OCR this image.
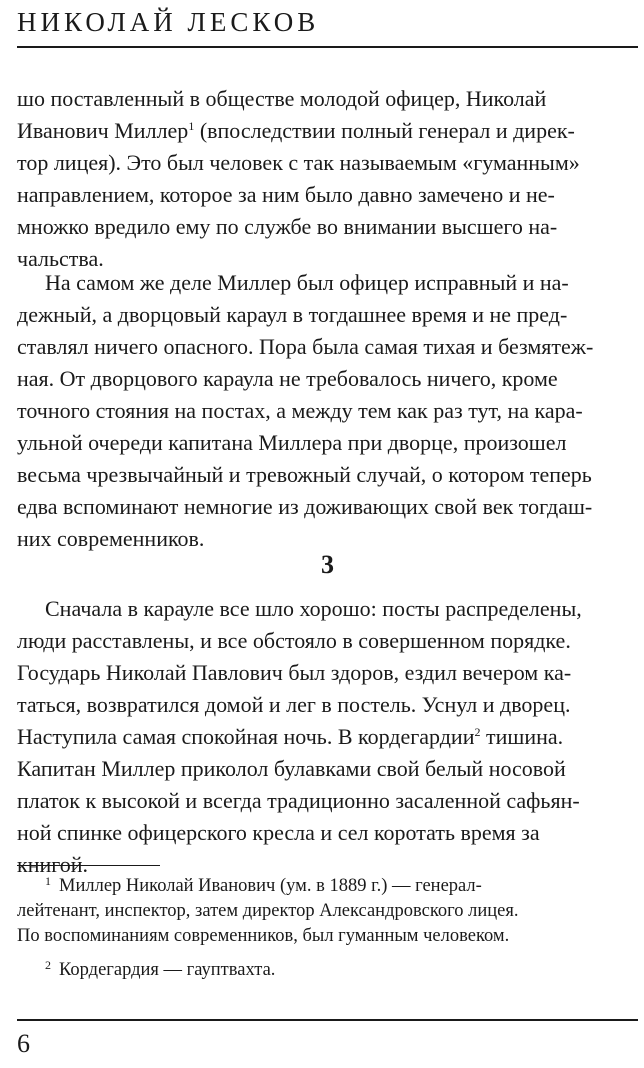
НИКОЛАЙ ЛЕСКОВ

шо поставленный в обществе молодой офицер, Николай
Иванович Миллер$^1$ (впоследствии полный генерал и дирек-
тор лицея). Это был человек с так называемым «гуманным»
направлением, которое за ним было давно замечено и не-
множко вредило ему по службе во внимании высшего на-
чальства.

На самом же деле Миллер был офицер исправный и на-
дежный, а дворцовый караул в тогдашнее время и не пред-
ставлял ничего опасного. Пора была самая тихая и безмятеж-
ная. От дворцового караула не требовалось ничего, кроме
точного стояния на постах, а между тем как раз тут, на кара-
ульной очереди капитана Миллера при дворце, произошел
весьма чрезвычайный и тревожный случай, о котором теперь
едва вспоминают немногие из доживающих свой век тогдаш-
них современников.

3

Сначала в карауле все шло хорошо: посты распределены,
люди расставлены, и все обстояло в совершенном порядке.
Государь Николай Павлович был здоров, ездил вечером ка-
таться, возвратился домой и лег в постель. Уснул и дворец.
Наступила самая спокойная ночь. В кордегардии$^2$ тишина.
Капитан Миллер приколол булавками свой белый носовой
платок к высокой и всегда традиционно засаленной сафьян-
ной спинке офицерского кресла и сел коротать время за
книгой.

$^1$ Миллер Николай Иванович (ум. в 1889 г.) — генерал-
лейтенант, инспектор, затем директор Александровского лицея.
По воспоминаниям современников, был гуманным человеком.

$^2$ Кордегардия — гауптвахта.

6
